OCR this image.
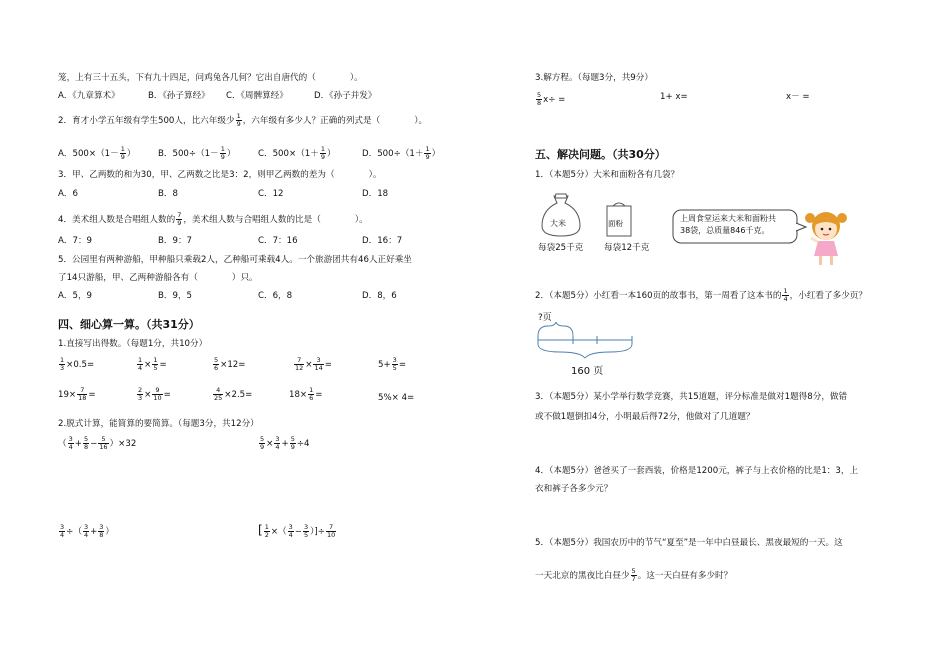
笼，上有三十五头，下有九十四足，问鸡兔各几何？它出自唐代的（	）。
A．《九章算术》	B．《孙子算经》 C．《周髀算经》	D．《孙子并发》
2．育才小学五年级有学生500人，比六年级少 $\frac{1}{9}$ ，六年级有多少人？正确的列式是（	）。
A．$500\times(1- \frac{1}{9}$ ）	B．$500\div(1- \frac{1}{9}$ ）	C．$500\times(1+ \frac{1}{9}$ ）	D．$500\div(1+ \frac{1}{9}$ ）
3．甲、乙两数的和为30，甲、乙两数之比是3：2，则甲乙两数的差为（	）。
A．6	B．8	C．12	D．18
4．美术组人数是合唱组人数的 $\frac{7}{9}$ ，美术组人数与合唱组人数的比是（	）。
A．7：9	B．9：7	C．7：16	D．16：7
5．公园里有两种游船，甲种船只乘载2人，乙种船可乘载4人。一个旅游团共有46人正好乘坐
了14只游船，甲、乙两种游船各有（	）只。
A．5，9	B．9，5	C．6，8	D．8，6
四、细心算一算。（共31分）
1.直接写出得数。（每题1分，共10分）
$\frac{1}{3} \times 0.5=$	$\frac{1}{4} \times \frac{1}{5}$ =	$\frac{5}{6} \times 12=$	$\frac{7}{12} \times \frac{3}{14}$ =	$5+ \frac{3}{5}$ =
$19\times \frac{7}{18}$ =	$\frac{2}{3} \times \frac{9}{10}$ =	$\frac{4}{25} \times 2.5=$	$18\times \frac{1}{6}$ =	5%× 4=
2.脱式计算，能简算的要简算。（每题3分，共12分）
（ $\frac{3}{4} + \frac{5}{8} - \frac{5}{16} )\times 32$	$\frac{5}{9} \times \frac{3}{4} + \frac{5}{9} \div 4$
$\frac{3}{4}$ ÷（ $\frac{3}{4} + \frac{3}{8}$ ）	[ $\frac{1}{2}$ ×（ $\frac{3}{4} - \frac{3}{5}$ ）]÷ $\frac{7}{10}$
3.解方程。（每题3分，共9分）
$\frac{5}{8} x\div$ =	1+ x=	x－ =
五、解决问题。（共30分）
1．（本题5分）大米和面粉各有几袋？
大米
每袋25千克
面粉
每袋12千克
上周食堂运来大米和面粉共
38袋，总质量846千克。
2．（本题5分）小红看一本160页的故事书，第一周看了这本书的 $\frac{1}{4}$ ，小红看了多少页？
?页
160 页
3．（本题5分）某小学举行数学竞赛，共15道题，评分标准是做对1题得8分，做错
或不做1题倒扣4分，小明最后得72分，他做对了几道题？
4．（本题5分）爸爸买了一套西装，价格是1200元，裤子与上衣价格的比是1：3，上
衣和裤子各多少元？
5．（本题5分）我国农历中的节气“夏至”是一年中白昼最长、黑夜最短的一天。这
一天北京的黑夜比白昼少 $\frac{5}{7}$ 。这一天白昼有多少时？
